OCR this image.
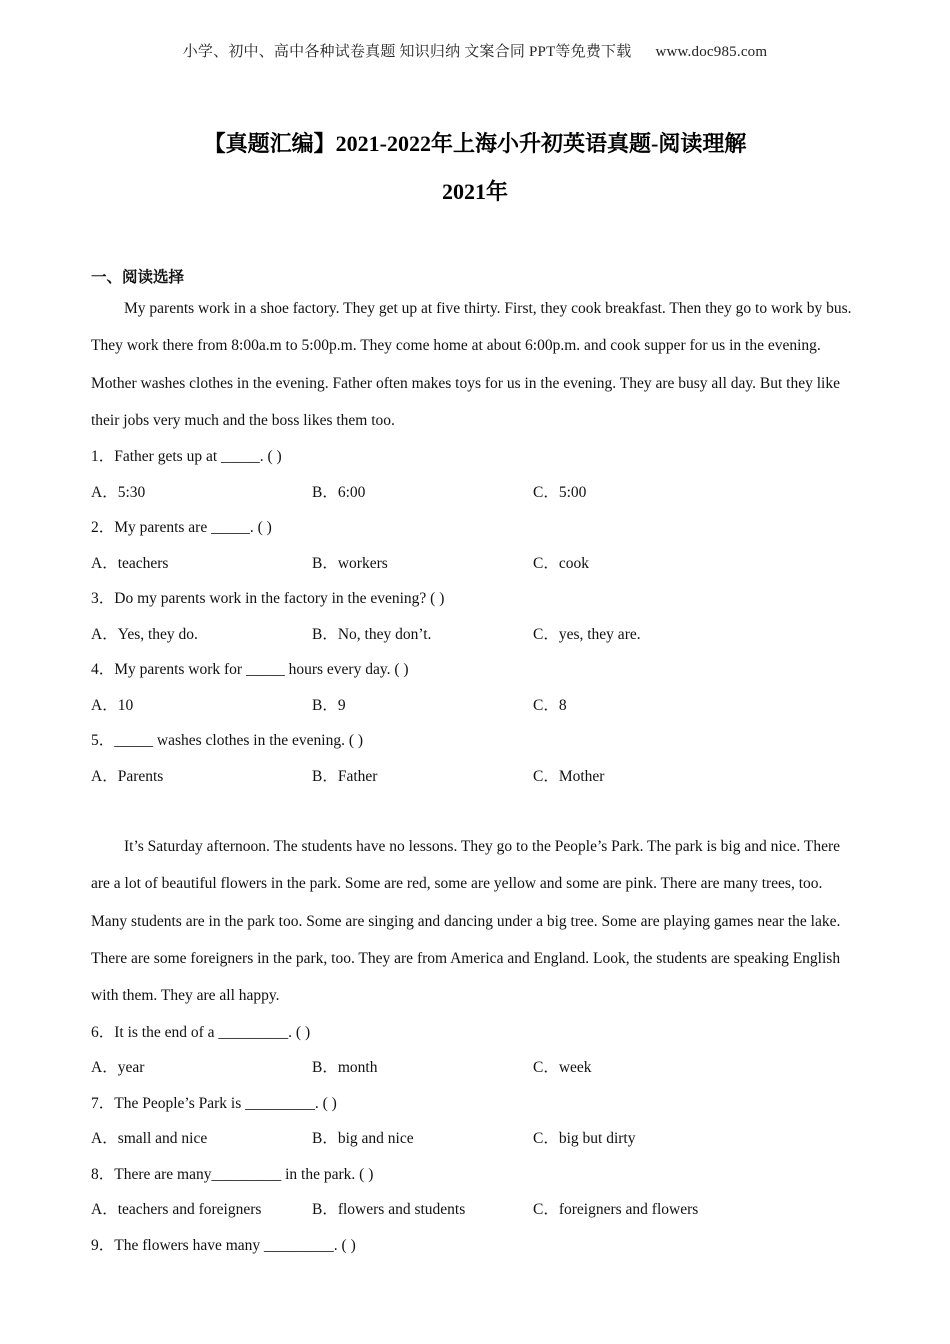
小学、初中、高中各种试卷真题 知识归纳 文案合同 PPT等免费下载 www.doc985.com
【真题汇编】2021-2022年上海小升初英语真题-阅读理解
2021年
一、阅读选择

My parents work in a shoe factory. They get up at five thirty. First, they cook breakfast. Then they go to work by bus. They work there from 8:00a.m to 5:00p.m. They come home at about 6:00p.m. and cook supper for us in the evening. Mother washes clothes in the evening. Father often makes toys for us in the evening. They are busy all day. But they like their jobs very much and the boss likes them too.

1．Father gets up at _____. ( )
A．5:30	B．6:00	C．5:00
2．My parents are _____. ( )
A．teachers	B．workers	C．cook
3．Do my parents work in the factory in the evening? ( )
A．Yes, they do.	B．No, they don’t.	C．yes, they are.
4．My parents work for _____ hours every day. ( )
A．10	B．9	C．8
5．_____ washes clothes in the evening. ( )
A．Parents	B．Father	C．Mother

It’s Saturday afternoon. The students have no lessons. They go to the People’s Park. The park is big and nice. There are a lot of beautiful flowers in the park. Some are red, some are yellow and some are pink. There are many trees, too. Many students are in the park too. Some are singing and dancing under a big tree. Some are playing games near the lake. There are some foreigners in the park, too. They are from America and England. Look, the students are speaking English with them. They are all happy.

6．It is the end of a _________. ( )
A．year	B．month	C．week
7．The People’s Park is _________. ( )
A．small and nice	B．big and nice	C．big but dirty
8．There are many_________ in the park. ( )
A．teachers and foreigners	B．flowers and students	C．foreigners and flowers
9．The flowers have many _________. ( )
